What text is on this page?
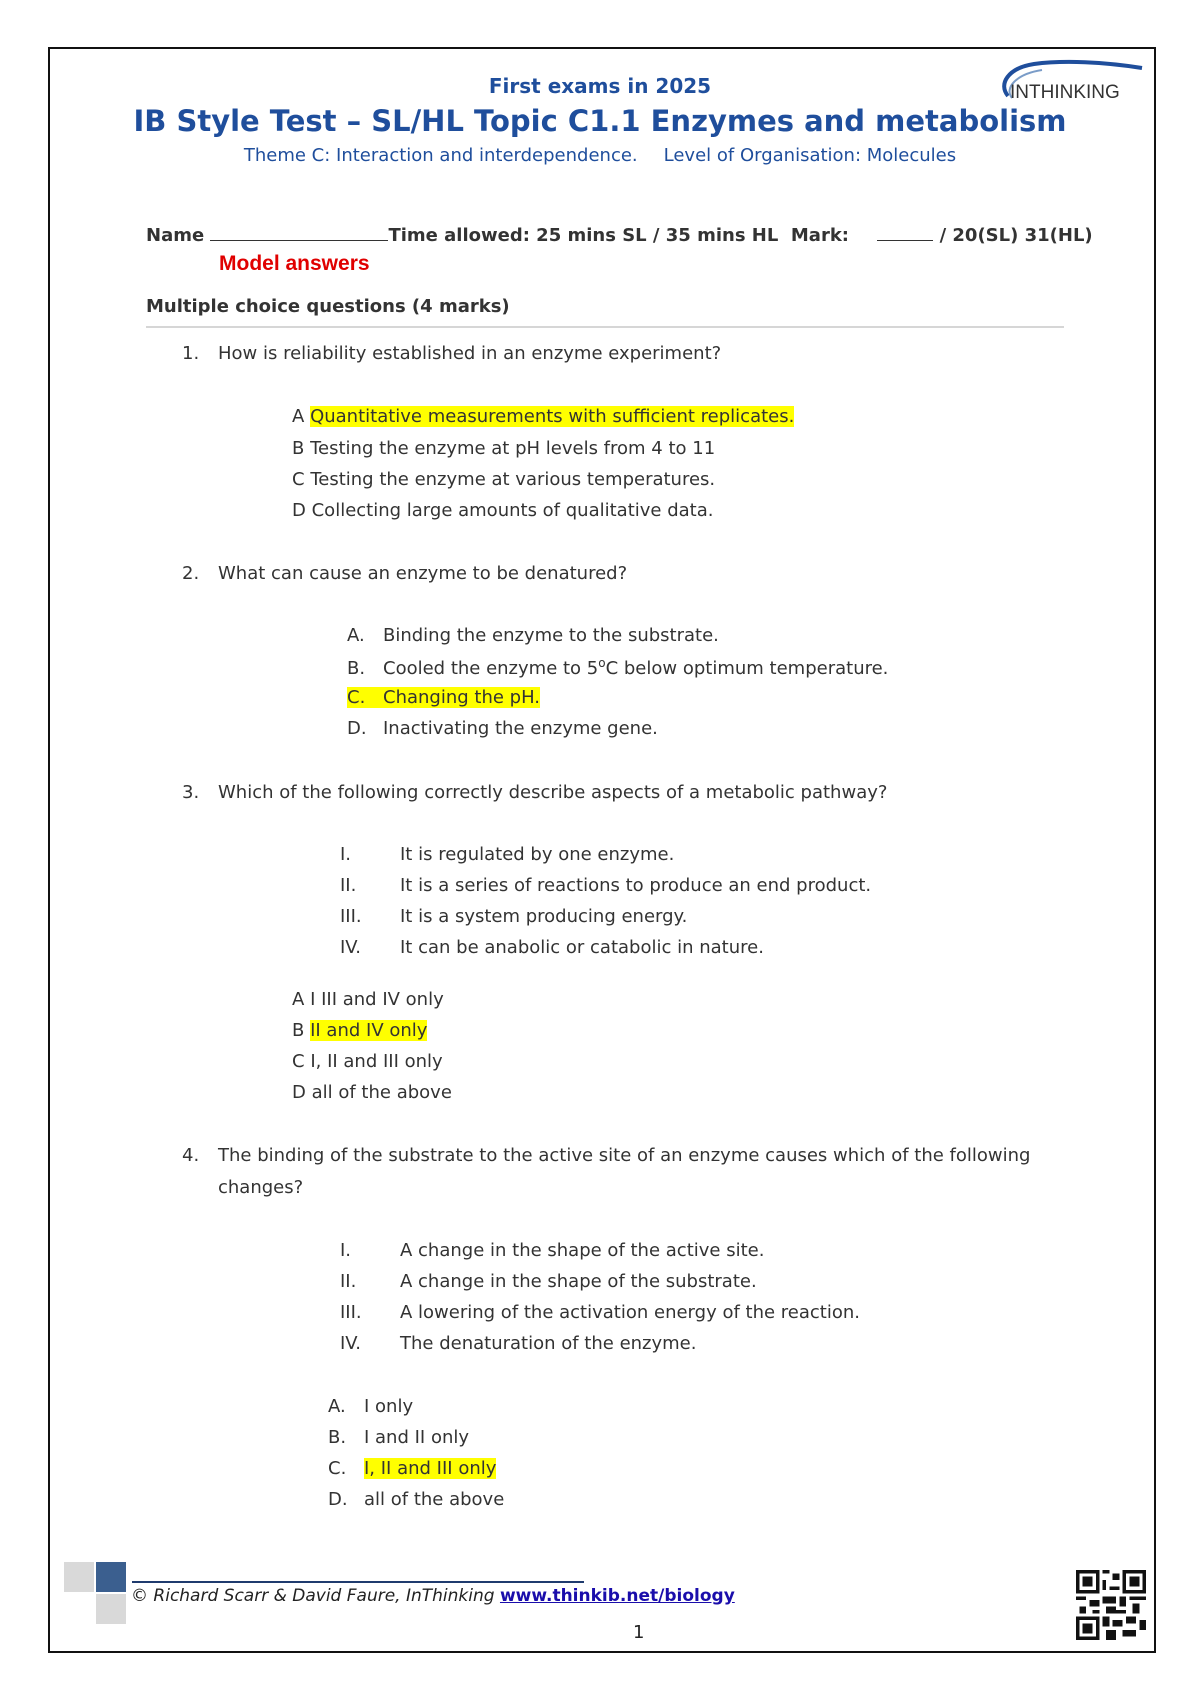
First exams in 2025
IB Style Test – SL/HL Topic C1.1 Enzymes and metabolism
Theme C: Interaction and interdependence. Level of Organisation: Molecules
INTHINKING
Name	Time allowed: 25 mins SL / 35 mins HL Mark:	/ 20(SL) 31(HL)
Model answers
Multiple choice questions (4 marks)
1. How is reliability established in an enzyme experiment?
A Quantitative measurements with sufficient replicates.
B Testing the enzyme at pH levels from 4 to 11
C Testing the enzyme at various temperatures.
D Collecting large amounts of qualitative data.
2. What can cause an enzyme to be denatured?
A. Binding the enzyme to the substrate.
B. Cooled the enzyme to 5$^o$C below optimum temperature.
C. Changing the pH.
D. Inactivating the enzyme gene.
3. Which of the following correctly describe aspects of a metabolic pathway?
I.	It is regulated by one enzyme.
II. It is a series of reactions to produce an end product.
III. It is a system producing energy.
IV. It can be anabolic or catabolic in nature.
A I III and IV only
B II and IV only
C I, II and III only
D all of the above
4. The binding of the substrate to the active site of an enzyme causes which of the following
changes?
I.	A change in the shape of the active site.
II. A change in the shape of the substrate.
III. A lowering of the activation energy of the reaction.
IV. The denaturation of the enzyme.
A. I only
B. I and II only
C. I, II and III only
D. all of the above
© Richard Scarr & David Faure, InThinking www.thinkib.net/biology
1
